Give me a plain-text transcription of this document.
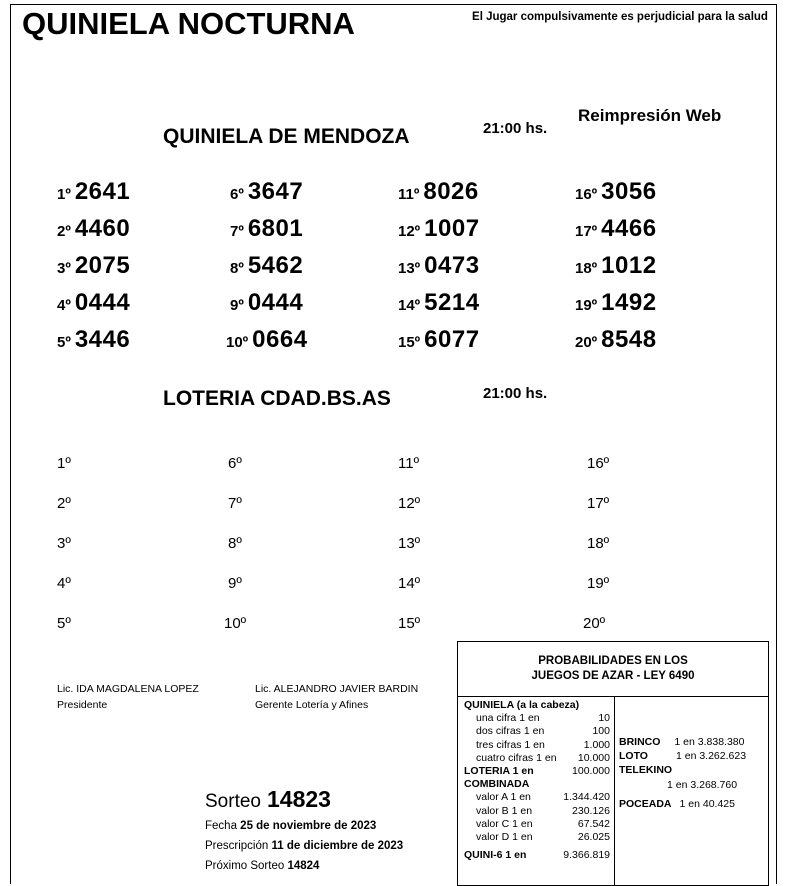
QUINIELA NOCTURNA	El Jugar compulsivamente es perjudicial para la salud
Reimpresión Web
QUINIELA DE MENDOZA	21:00 hs.
1º 2641
2º 4460
3º 2075
4º 0444
5º 3446
6º 3647
7º 6801
8º 5462
9º 0444
10º 0664
11º 8026
12º 1007
13º 0473
14º 5214
15º 6077
16º 3056
17º 4466
18º 1012
19º 1492
20º 8548
LOTERIA CDAD.BS.AS	21:00 hs.
1º
2º
3º
4º
5º
6º
7º
8º
9º
10º
11º
12º
13º
14º
15º
16º
17º
18º
19º
20º
Lic. IDA MAGDALENA LOPEZ
Presidente
Lic. ALEJANDRO JAVIER BARDIN
Gerente Lotería y Afines
Sorteo 14823
Fecha 25 de noviembre de 2023
Prescripción 11 de diciembre de 2023
Próximo Sorteo 14824
PROBABILIDADES EN LOS
JUEGOS DE AZAR - LEY 6490
QUINIELA (a la cabeza)
una cifra 1 en	10
dos cifras 1 en	100
tres cifras 1 en	1.000
cuatro cifras 1 en 10.000
LOTERIA 1 en	100.000
COMBINADA
valor A 1 en	1.344.420
valor B 1 en	230.126
valor C 1 en	67.542
valor D 1 en	26.025
QUINI-6 1 en	9.366.819
BRINCO 1 en 3.838.380
LOTO	1 en 3.262.623
TELEKINO
1 en 3.268.760
POCEADA 1 en 40.425
